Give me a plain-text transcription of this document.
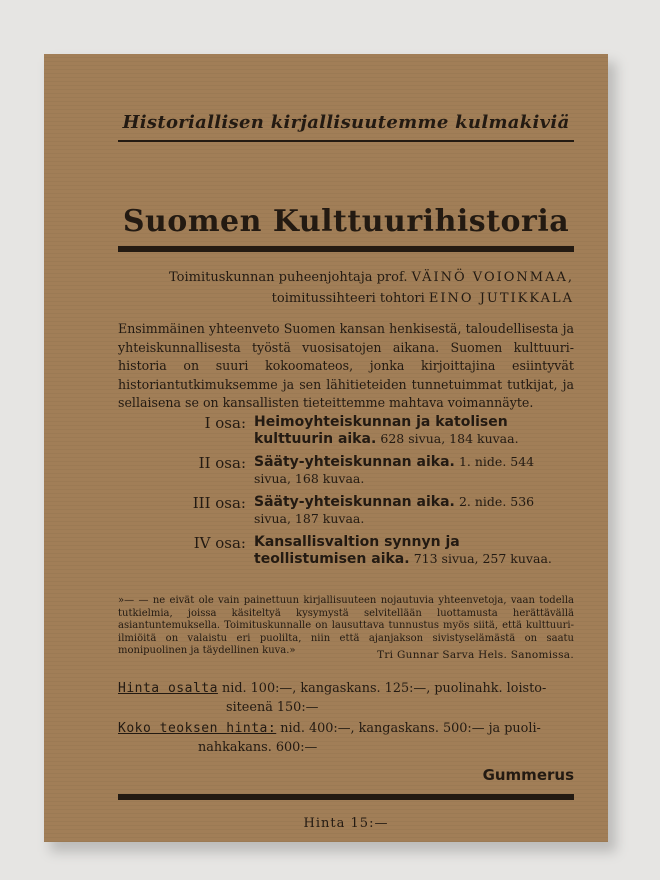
Historiallisen kirjallisuutemme kulmakiviä
Suomen Kulttuurihistoria
Toimituskunnan puheenjohtaja prof. VÄINÖ VOIONMAA,
toimitussihteeri tohtori EINO JUTIKKALA
Ensimmäinen yhteenveto Suomen kansan henkisestä, taloudellisesta ja yhteiskunnallisesta työstä vuosisatojen aikana. Suomen kulttuuri-historia on suuri kokoomateos, jonka kirjoittajina esiintyvät historiantutkimuksemme ja sen lähitieteiden tunnetuimmat tutkijat, ja sellaisena se on kansallisten tieteittemme mahtava voimannäyte.
I osa: Heimoyhteiskunnan ja katolisen kulttuurin aika. 628 sivua, 184 kuvaa.
II osa: Sääty-yhteiskunnan aika. 1. nide. 544 sivua, 168 kuvaa.
III osa: Sääty-yhteiskunnan aika. 2. nide. 536 sivua, 187 kuvaa.
IV osa: Kansallisvaltion synnyn ja teollistumisen aika. 713 sivua, 257 kuvaa.
»— — ne eivät ole vain painettuun kirjallisuuteen nojautuvia yhteenvetoja, vaan todella tutkielmia, joissa käsiteltyä kysymystä selvitellään luottamusta herättävällä asiantuntemuksella. Toimituskunnalle on lausuttava tunnustus myös siitä, että kulttuuri-ilmiöitä on valaistu eri puolilta, niin että ajanjakson sivistyselämästä on saatu monipuolinen ja täydellinen kuva.»	Tri Gunnar Sarva Hels. Sanomissa.
Hinta osalta nid. 100:—, kangaskans. 125:—, puolinahk. loisto-
siteenä 150:—
Koko teoksen hinta: nid. 400:—, kangaskans. 500:— ja puoli-
nahkakans. 600:—
Gummerus
Hinta 15:—
